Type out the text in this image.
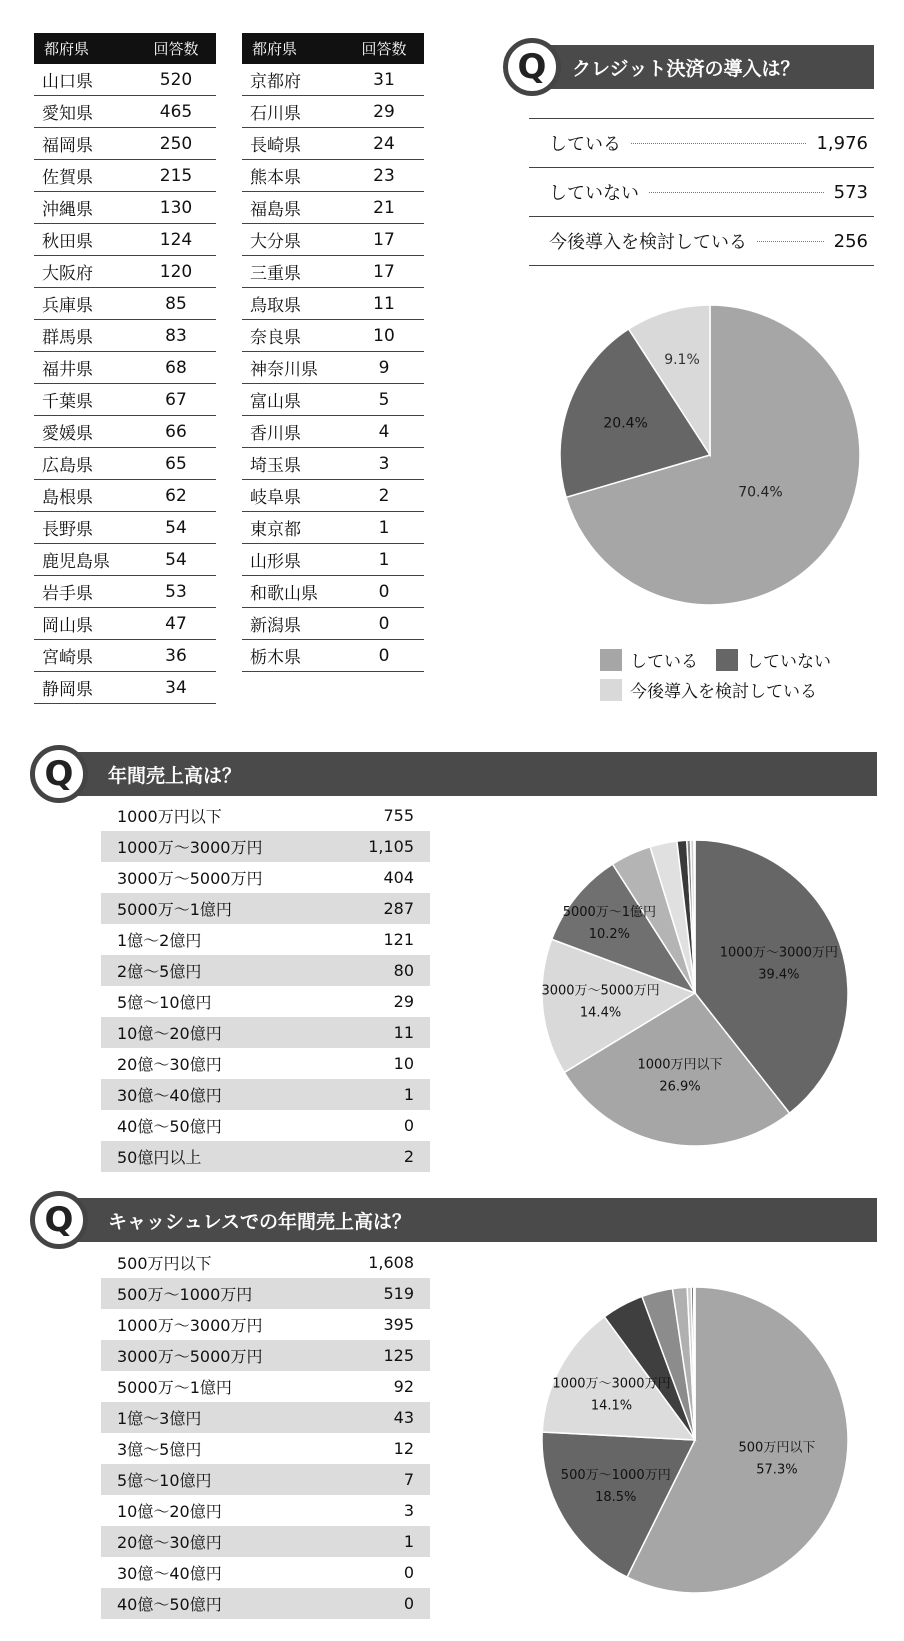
都府県	回答数
山口県	520
愛知県	465
福岡県	250
佐賀県	215
沖縄県	130
秋田県	124
大阪府	120
兵庫県	85
群馬県	83
福井県	68
千葉県	67
愛媛県	66
広島県	65
島根県	62
長野県	54
鹿児島県	54
岩手県	53
岡山県	47
宮崎県	36
静岡県	34
都府県	回答数
京都府	31
石川県	29
長崎県	24
熊本県	23
福島県	21
大分県	17
三重県	17
鳥取県	11
奈良県	10
神奈川県	9
富山県	5
香川県	4
埼玉県	3
岐阜県	2
東京都	1
山形県	1
和歌山県	0
新潟県	0
栃木県	0
クレジット決済の導入は？
Q
している	1,976
していない	573
今後導入を検討している	256
70.4%
20.4%
9.1%
している	していない
今後導入を検討している
年間売上高は？
Q
1000万円以下	755
1000万～3000万円	1,105
3000万～5000万円	404
5000万～1億円	287
1億～2億円	121
2億～5億円	80
5億～10億円	29
10億～20億円	11
20億～30億円	10
30億～40億円	1
40億～50億円	0
50億円以上	2
1000万円以下
26.9%
1000万～3000万円
39.4%
3000万～5000万円
14.4%
5000万～1億円
10.2%
キャッシュレスでの年間売上高は？
Q
500万円以下	1,608
500万～1000万円	519
1000万～3000万円	395
3000万～5000万円	125
5000万～1億円	92
1億～3億円	43
3億～5億円	12
5億～10億円	7
10億～20億円	3
20億～30億円	1
30億～40億円	0
40億～50億円	0
500万円以下
57.3%
500万～1000万円
18.5%
1000万～3000万円
14.1%
